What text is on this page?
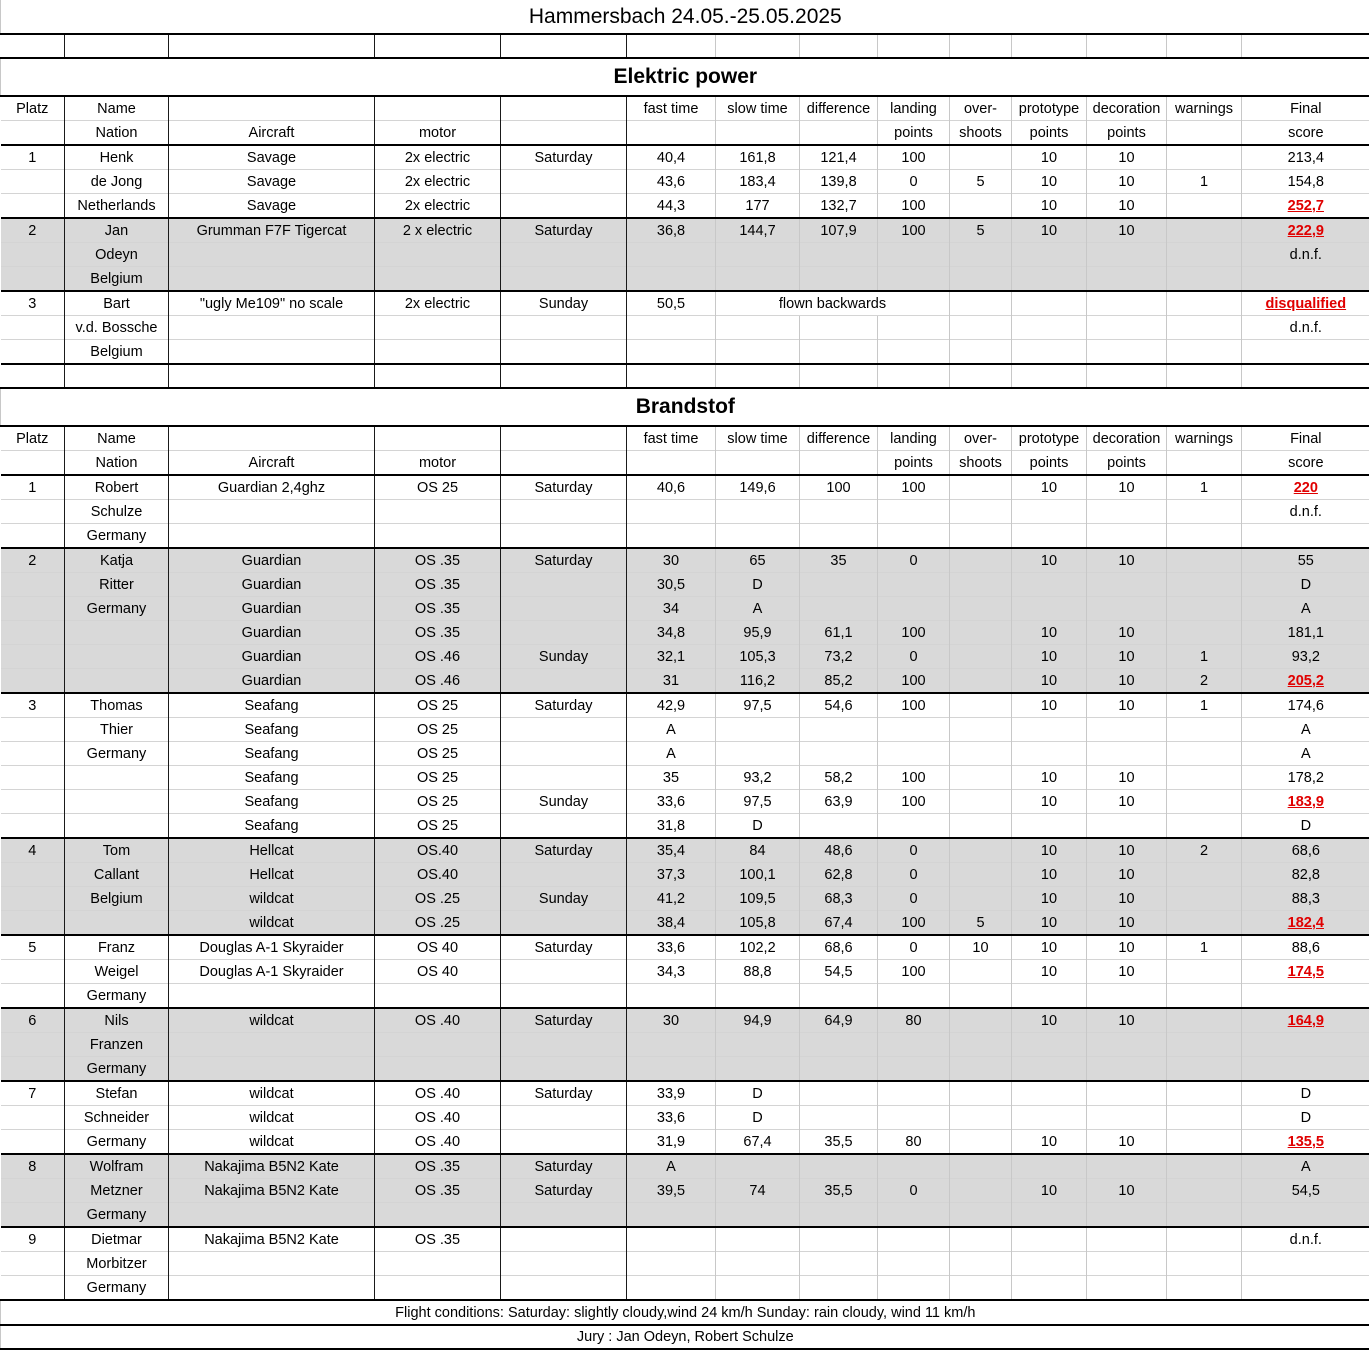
Hammersbach 24.05.-25.05.2025													

Elektric power													
Platz	Name				fast time	slow time	difference	landing	over-	prototype	decoration	warnings	Final
	Nation	Aircraft	motor					points	shoots	points	points		score
1	Henk	Savage	2x electric	Saturday	40,4	161,8	121,4	100		10	10		213,4
	de Jong	Savage	2x electric		43,6	183,4	139,8	0	5	10	10	1	154,8
	Netherlands	Savage	2x electric		44,3	177	132,7	100		10	10		252,7
2	Jan	Grumman F7F Tigercat	2 x electric	Saturday	36,8	144,7	107,9	100	5	10	10		222,9
	Odeyn												d.n.f.
	Belgium												
3	Bart	"ugly Me109" no scale	2x electric	Sunday	50,5	flown backwards							disqualified
	v.d. Bossche												d.n.f.
	Belgium												

Brandstof													
Platz	Name				fast time	slow time	difference	landing	over-	prototype	decoration	warnings	Final
	Nation	Aircraft	motor					points	shoots	points	points		score
1	Robert	Guardian 2,4ghz	OS 25	Saturday	40,6	149,6	100	100		10	10	1	220
	Schulze												d.n.f.
	Germany												
2	Katja	Guardian	OS .35	Saturday	30	65	35	0		10	10		55
	Ritter	Guardian	OS .35		30,5	D							D
	Germany	Guardian	OS .35		34	A							A
		Guardian	OS .35		34,8	95,9	61,1	100		10	10		181,1
		Guardian	OS .46	Sunday	32,1	105,3	73,2	0		10	10	1	93,2
		Guardian	OS .46		31	116,2	85,2	100		10	10	2	205,2
3	Thomas	Seafang	OS 25	Saturday	42,9	97,5	54,6	100		10	10	1	174,6
	Thier	Seafang	OS 25		A								A
	Germany	Seafang	OS 25		A								A
		Seafang	OS 25		35	93,2	58,2	100		10	10		178,2
		Seafang	OS 25	Sunday	33,6	97,5	63,9	100		10	10		183,9
		Seafang	OS 25		31,8	D							D
4	Tom	Hellcat	OS.40	Saturday	35,4	84	48,6	0		10	10	2	68,6
	Callant	Hellcat	OS.40		37,3	100,1	62,8	0		10	10		82,8
	Belgium	wildcat	OS .25	Sunday	41,2	109,5	68,3	0		10	10		88,3
		wildcat	OS .25		38,4	105,8	67,4	100	5	10	10		182,4
5	Franz	Douglas A-1 Skyraider	OS 40	Saturday	33,6	102,2	68,6	0	10	10	10	1	88,6
	Weigel	Douglas A-1 Skyraider	OS 40		34,3	88,8	54,5	100		10	10		174,5
	Germany												
6	Nils	wildcat	OS .40	Saturday	30	94,9	64,9	80		10	10		164,9
	Franzen												
	Germany												
7	Stefan	wildcat	OS .40	Saturday	33,9	D							D
	Schneider	wildcat	OS .40		33,6	D							D
	Germany	wildcat	OS .40		31,9	67,4	35,5	80		10	10		135,5
8	Wolfram	Nakajima B5N2 Kate	OS .35	Saturday	A								A
	Metzner	Nakajima B5N2 Kate	OS .35	Saturday	39,5	74	35,5	0		10	10		54,5
	Germany												
9	Dietmar	Nakajima B5N2 Kate	OS .35										d.n.f.
	Morbitzer												
	Germany												
Flight conditions: Saturday: slightly cloudy,wind 24 km/h Sunday: rain cloudy, wind 11 km/h													
Jury : Jan Odeyn, Robert Schulze													
